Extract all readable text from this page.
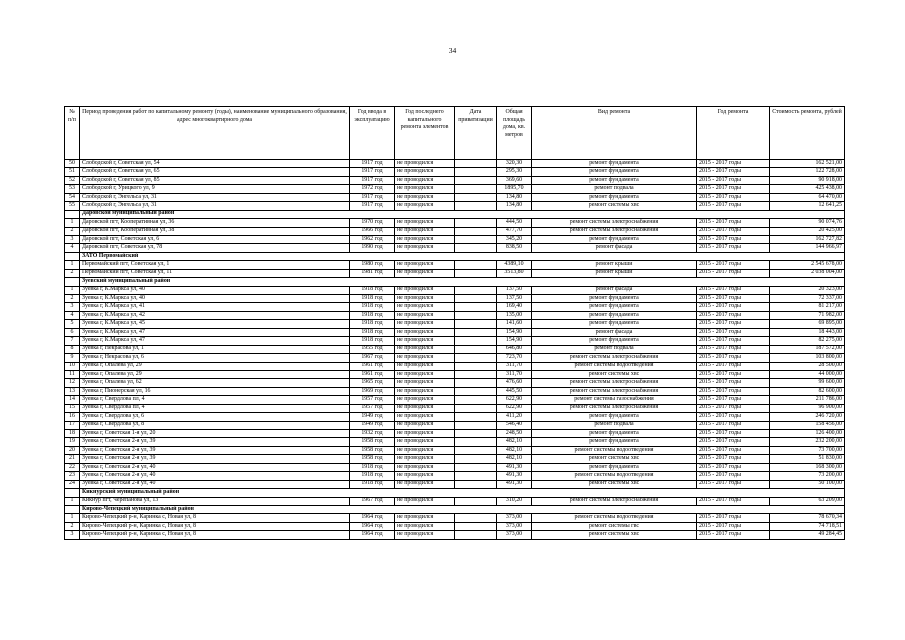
34
№ п/п	Период проведения работ по капитальному ремонту (годы), наименование муниципального образования, адрес многоквартирного дома	Год ввода в эксплуатацию	Год последнего капитального ремонта элементов	Дата приватизации	Общая площадь дома, кв. метров	Вид ремонта	Год ремонта	Стоимость ремонта, рублей
50	Слободской г, Советская ул, 54	1917 год	не проводился		320,30	ремонт фундамента	2015 - 2017 годы	162 521,00
51	Слободской г, Советская ул, 65	1917 год	не проводился		295,30	ремонт фундамента	2015 - 2017 годы	122 728,00
52	Слободской г, Советская ул, 85	1917 год	не проводился		369,60	ремонт фундамента	2015 - 2017 годы	90 918,00
53	Слободской г, Урицкого ул, 9	1972 год	не проводился		1895,70	ремонт подвала	2015 - 2017 годы	425 438,00
54	Слободской г, Энгельса ул, 31	1917 год	не проводился		134,80	ремонт фундамента	2015 - 2017 годы	64 470,00
55	Слободской г, Энгельса ул, 31	1917 год	не проводился		134,80	ремонт системы хвс	2015 - 2017 годы	12 641,25
	Даровской муниципальный район							
1	Даровской пгт, Кооперативная ул, 36	1970 год	не проводился		444,50	ремонт системы электроснабжения	2015 - 2017 годы	90 074,76
2	Даровской пгт, Кооперативная ул, 38	1966 год	не проводился		477,70	ремонт системы электроснабжения	2015 - 2017 годы	20 425,00
3	Даровской пгт, Советская ул, 6	1962 год	не проводился		345,20	ремонт фундамента	2015 - 2017 годы	162 727,82
4	Даровской пгт, Советская ул, 78	1990 год	не проводился		838,50	ремонт фасада	2015 - 2017 годы	144 966,97
	ЗАТО Первомайский							
1	Первомайский пгт, Советская ул, 1	1980 год	не проводился		4389,10	ремонт крыши	2015 - 2017 годы	2 545 678,00
2	Первомайский пгт, Советская ул, 11	1981 год	не проводился		3513,80	ремонт крыши	2015 - 2017 годы	2 038 004,00
	Зуевский муниципальный район							
1	Зуевка г, К.Маркса ул, 40	1918 год	не проводился		137,50	ремонт фасада	2015 - 2017 годы	20 323,00
2	Зуевка г, К.Маркса ул, 40	1918 год	не проводился		137,50	ремонт фундамента	2015 - 2017 годы	72 337,00
3	Зуевка г, К.Маркса ул, 41	1918 год	не проводился		169,40	ремонт фундамента	2015 - 2017 годы	81 217,00
4	Зуевка г, К.Маркса ул, 42	1918 год	не проводился		135,00	ремонт фундамента	2015 - 2017 годы	71 982,00
5	Зуевка г, К.Маркса ул, 45	1918 год	не проводился		141,60	ремонт фундамента	2015 - 2017 годы	69 895,00
6	Зуевка г, К.Маркса ул, 47	1918 год	не проводился		154,90	ремонт фасада	2015 - 2017 годы	18 443,00
7	Зуевка г, К.Маркса ул, 47	1918 год	не проводился		154,90	ремонт фундамента	2015 - 2017 годы	82 275,00
8	Зуевка г, Некрасова ул, 1	1955 год	не проводился		646,80	ремонт подвала	2015 - 2017 годы	187 572,00
9	Зуевка г, Некрасова ул, 6	1967 год	не проводился		723,70	ремонт системы электроснабжения	2015 - 2017 годы	103 800,00
10	Зуевка г, Опалева ул, 29	1961 год	не проводился		311,70	ремонт системы водоотведения	2015 - 2017 годы	28 500,00
11	Зуевка г, Опалева ул, 29	1961 год	не проводился		311,70	ремонт системы хвс	2015 - 2017 годы	44 000,00
12	Зуевка г, Опалева ул, 62	1965 год	не проводился		476,60	ремонт системы электроснабжения	2015 - 2017 годы	99 600,00
13	Зуевка г, Пионерская ул, 16	1969 год	не проводился		445,50	ремонт системы электроснабжения	2015 - 2017 годы	82 600,00
14	Зуевка г, Свердлова пл, 4	1957 год	не проводился		622,90	ремонт системы газоснабжения	2015 - 2017 годы	211 786,00
15	Зуевка г, Свердлова пл, 4	1957 год	не проводился		622,90	ремонт системы электроснабжения	2015 - 2017 годы	96 900,00
16	Зуевка г, Свердлова ул, 6	1949 год	не проводился		411,20	ремонт фундамента	2015 - 2017 годы	246 720,00
17	Зуевка г, Свердлова ул, 8	1949 год	не проводился		546,40	ремонт подвала	2015 - 2017 годы	158 456,00
18	Зуевка г, Советская 1-я ул, 20	1932 год	не проводился		248,50	ремонт фундамента	2015 - 2017 годы	126 400,00
19	Зуевка г, Советская 2-я ул, 39	1958 год	не проводился		482,10	ремонт фундамента	2015 - 2017 годы	232 200,00
20	Зуевка г, Советская 2-я ул, 39	1958 год	не проводился		482,10	ремонт системы водоотведения	2015 - 2017 годы	73 700,00
21	Зуевка г, Советская 2-я ул, 39	1958 год	не проводился		482,10	ремонт системы хвс	2015 - 2017 годы	51 830,00
22	Зуевка г, Советская 2-я ул, 40	1918 год	не проводился		491,30	ремонт фундамента	2015 - 2017 годы	168 300,00
23	Зуевка г, Советская 2-я ул, 40	1918 год	не проводился		491,30	ремонт системы водоотведения	2015 - 2017 годы	73 200,00
24	Зуевка г, Советская 2-я ул, 40	1918 год	не проводился		491,30	ремонт системы хвс	2015 - 2017 годы	50 100,00
	Кикнурский муниципальный район							
1	Кикнур пгт, Черепанова ул, 13	1967 год	не проводился		310,20	ремонт системы электроснабжения	2015 - 2017 годы	63 209,00
	Кирово-Чепецкий муниципальный район							
1	Кирово-Чепецкий р-н, Каринка с, Новая ул, 8	1964 год	не проводился		373,00	ремонт системы водоотведения	2015 - 2017 годы	78 670,34
2	Кирово-Чепецкий р-н, Каринка с, Новая ул, 8	1964 год	не проводился		373,00	ремонт системы гвс	2015 - 2017 годы	74 718,51
3	Кирово-Чепецкий р-н, Каринка с, Новая ул, 8	1964 год	не проводился		373,00	ремонт системы хвс	2015 - 2017 годы	49 284,45
